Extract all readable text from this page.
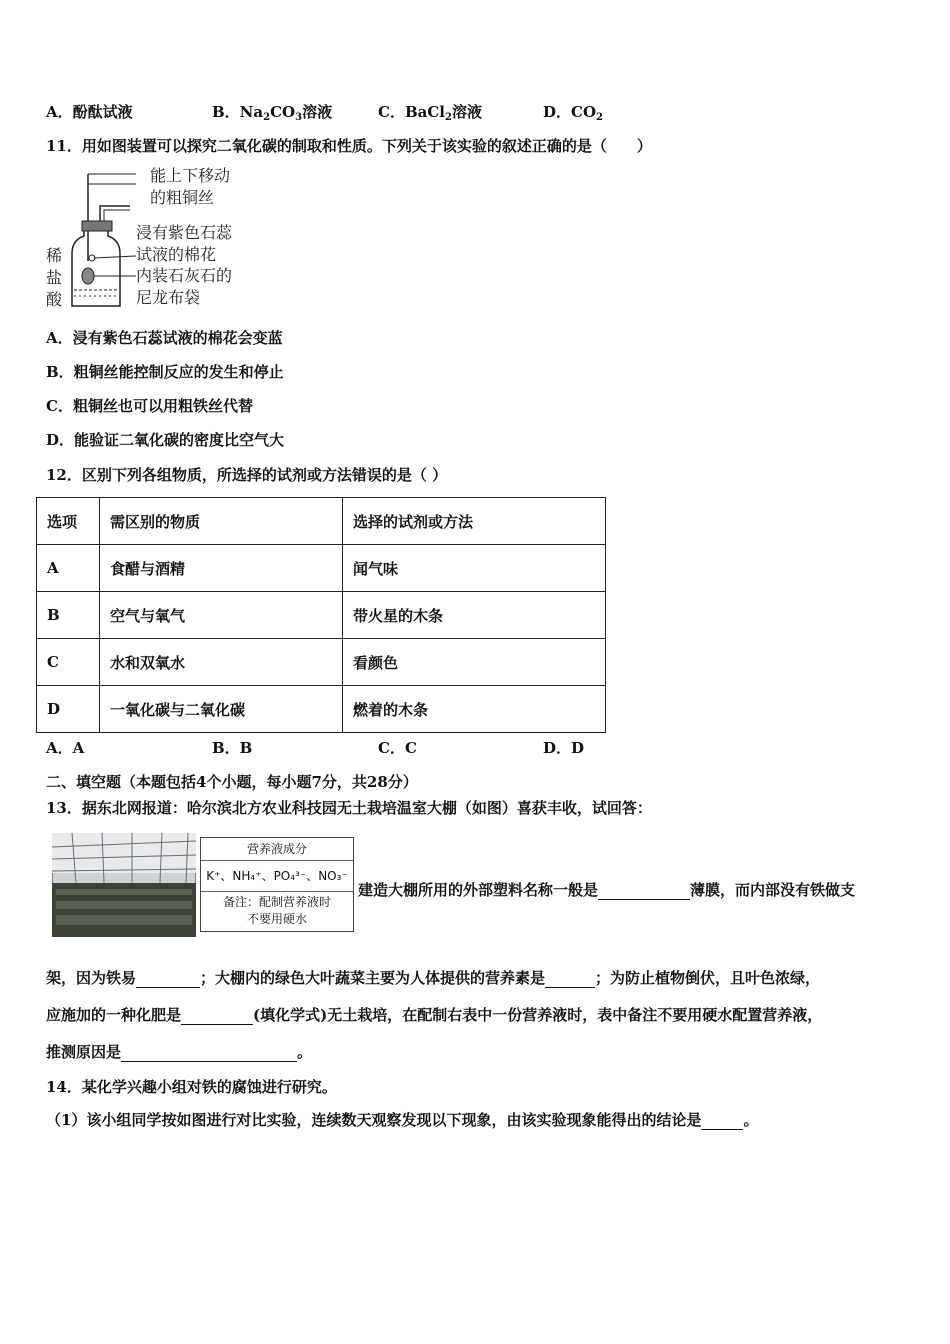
A．酚酞试液	B．$Na_2CO_3$溶液	C．BaCl$_2$溶液	D．$CO_2$
11．用如图装置可以探究二氧化碳的制取和性质。下列关于该实验的叙述正确的是（　　）
能上下移动
的粗铜丝
浸有紫色石蕊
试液的棉花
内装石灰石的
尼龙布袋
稀
盐
酸
A．浸有紫色石蕊试液的棉花会变蓝
B．粗铜丝能控制反应的发生和停止
C．粗铜丝也可以用粗铁丝代替
D．能验证二氧化碳的密度比空气大
12．区别下列各组物质，所选择的试剂或方法错误的是（ ）
选项	需区别的物质	选择的试剂或方法
A	食醋与酒精	闻气味
B	空气与氧气	带火星的木条
C	水和双氧水	看颜色
D	一氧化碳与二氧化碳	燃着的木条
A．A	B．B	C．C	D．D
二、填空题（本题包括4个小题，每小题7分，共28分）
13．据东北网报道：哈尔滨北方农业科技园无土栽培温室大棚（如图）喜获丰收，试回答：
营养液成分
K⁺、NH₄⁺、PO₄³⁻、NO₃⁻
备注：配制营养液时
不要用硬水
建造大棚所用的外部塑料名称一般是	薄膜，而内部没有铁做支
架，因为铁易	；大棚内的绿色大叶蔬菜主要为人体提供的营养素是	；为防止植物倒伏，且叶色浓绿，
应施加的一种化肥是	(填化学式)无土栽培，在配制右表中一份营养液时，表中备注不要用硬水配置营养液，
推测原因是	。
14．某化学兴趣小组对铁的腐蚀进行研究。
（1）该小组同学按如图进行对比实验，连续数天观察发现以下现象，由该实验现象能得出的结论是	。
